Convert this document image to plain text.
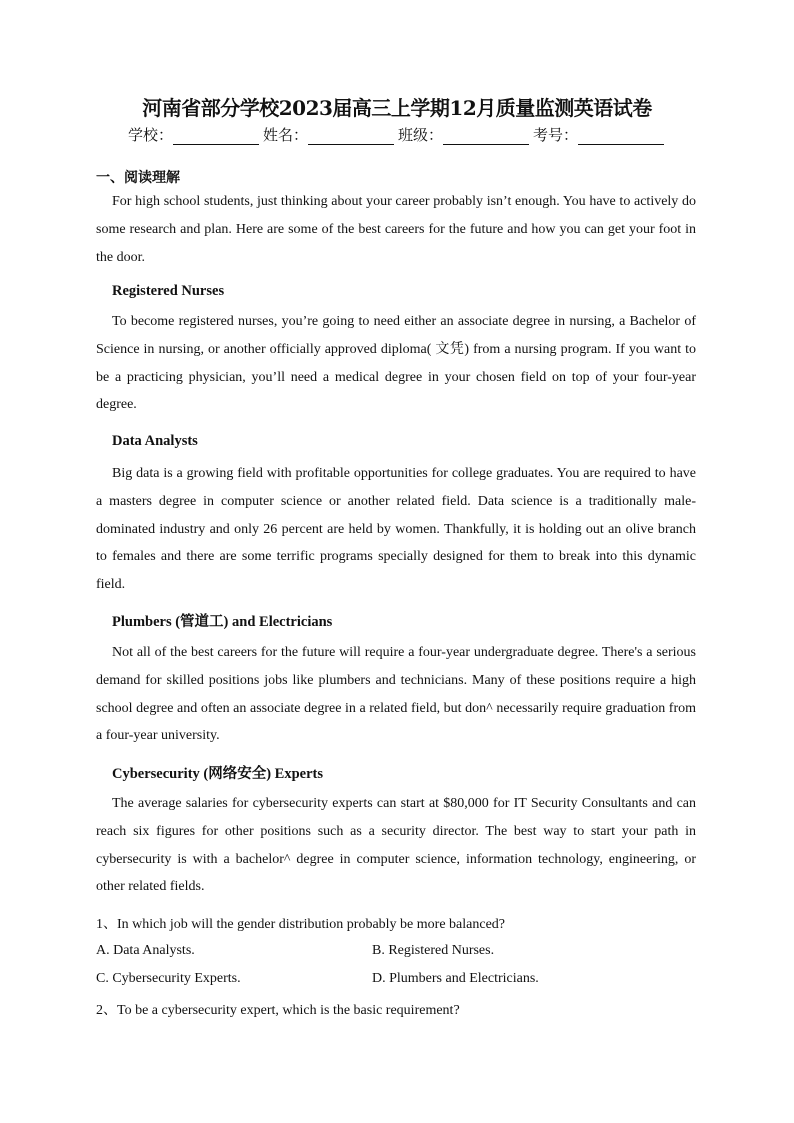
河南省部分学校2023届高三上学期12月质量监测英语试卷
学校：	姓名：	班级：	考号：
一、阅读理解

For high school students, just thinking about your career probably isn’t enough. You have to actively do some research and plan. Here are some of the best careers for the future and how you can get your foot in the door.

Registered Nurses

To become registered nurses, you’re going to need either an associate degree in nursing, a Bachelor of Science in nursing, or another officially approved diploma( 文凭) from a nursing program. If you want to be a practicing physician, you’ll need a medical degree in your chosen field on top of your four-year degree.

Data Analysts

Big data is a growing field with profitable opportunities for college graduates. You are required to have a masters degree in computer science or another related field. Data science is a traditionally male-dominated industry and only 26 percent are held by women. Thankfully, it is holding out an olive branch to females and there are some terrific programs specially designed for them to break into this dynamic field.

Plumbers (管道工) and Electricians

Not all of the best careers for the future will require a four-year undergraduate degree. There's a serious demand for skilled positions jobs like plumbers and technicians. Many of these positions require a high school degree and often an associate degree in a related field, but don^ necessarily require graduation from a four-year university.

Cybersecurity (网络安全) Experts

The average salaries for cybersecurity experts can start at $80,000 for IT Security Consultants and can reach six figures for other positions such as a security director. The best way to start your path in cybersecurity is with a bachelor^ degree in computer science, information technology, engineering, or other related fields.

1、In which job will the gender distribution probably be more balanced?

A. Data Analysts.	B. Registered Nurses.

C. Cybersecurity Experts.	D. Plumbers and Electricians.

2、To be a cybersecurity expert, which is the basic requirement?
